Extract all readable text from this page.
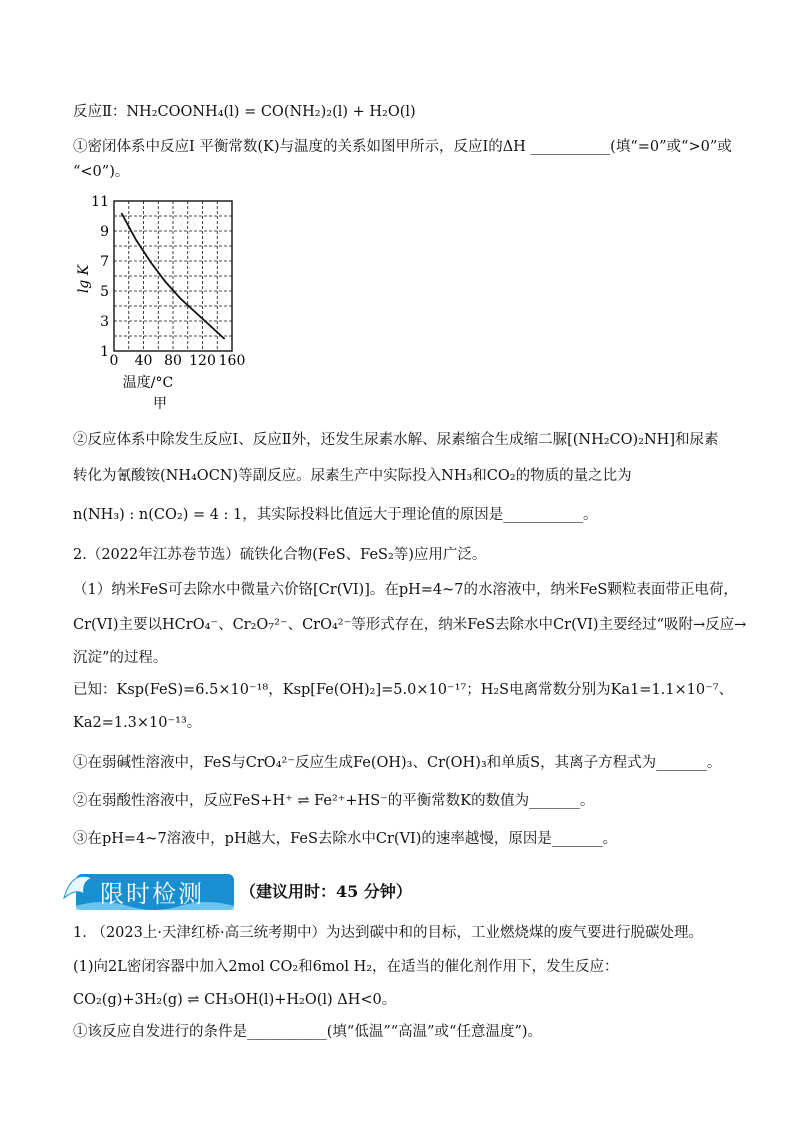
反应Ⅱ：NH₂COONH₄(l) = CO(NH₂)₂(l) + H₂O(l)
①密闭体系中反应Ⅰ 平衡常数(K)与温度的关系如图甲所示，反应Ⅰ的ΔH ___________(填“=0”或“>0”或
“<0”)。
1
3
5
7
9
11
0 40 80 120 160
lg K
温度/°C
甲
②反应体系中除发生反应Ⅰ、反应Ⅱ外，还发生尿素水解、尿素缩合生成缩二脲[(NH₂CO)₂NH]和尿素
转化为氰酸铵(NH₄OCN)等副反应。尿素生产中实际投入NH₃和CO₂的物质的量之比为
n(NH₃) : n(CO₂) = 4 : 1，其实际投料比值远大于理论值的原因是___________。
2.（2022年江苏卷节选）硫铁化合物(FeS、FeS₂等)应用广泛。
（1）纳米FeS可去除水中微量六价铬[Cr(VI)]。在pH=4~7的水溶液中，纳米FeS颗粒表面带正电荷，
Cr(VI)主要以HCrO₄⁻、Cr₂O₇²⁻、CrO₄²⁻等形式存在，纳米FeS去除水中Cr(VI)主要经过“吸附→反应→
沉淀”的过程。
已知：Ksp(FeS)=6.5×10⁻¹⁸，Ksp[Fe(OH)₂]=5.0×10⁻¹⁷；H₂S电离常数分别为Ka1=1.1×10⁻⁷、
Ka2=1.3×10⁻¹³。
①在弱碱性溶液中，FeS与CrO₄²⁻反应生成Fe(OH)₃、Cr(OH)₃和单质S，其离子方程式为_______。
②在弱酸性溶液中，反应FeS+H⁺ ⇌ Fe²⁺+HS⁻的平衡常数K的数值为_______。
③在pH=4~7溶液中，pH越大，FeS去除水中Cr(VI)的速率越慢，原因是_______。
限时检测 （建议用时：45 分钟）
1. （2023上·天津红桥·高三统考期中）为达到碳中和的目标，工业燃烧煤的废气要进行脱碳处理。
(1)向2L密闭容器中加入2mol CO₂和6mol H₂，在适当的催化剂作用下，发生反应：
CO₂(g)+3H₂(g) ⇌ CH₃OH(l)+H₂O(l) ΔH<0。
①该反应自发进行的条件是___________(填“低温”“高温”或“任意温度”)。
